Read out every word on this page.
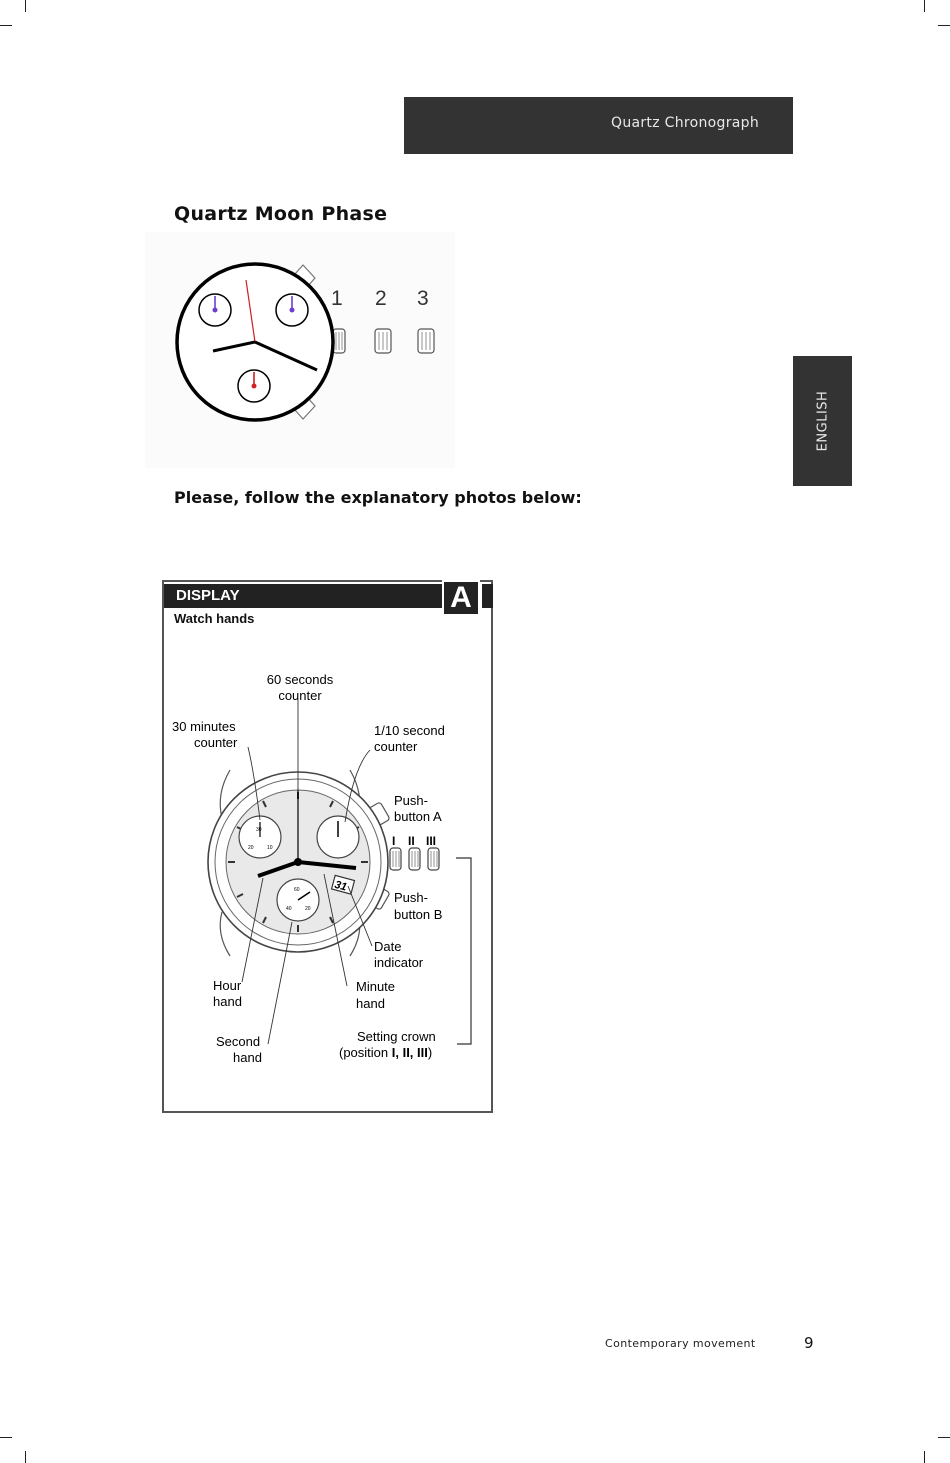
Quartz Chronograph
ENGLISH
Quartz Moon Phase
1 2 3

Please, follow the explanatory photos below:

DISPLAY	A
Watch hands
I II III
30
20	10
60
40	20
31
60 seconds
counter
30 minutes
counter
1/10 second
counter
Push-
button A
Push-
button B
Date
indicator
Hour
hand
Minute
hand
Second
hand
Setting crown
(position I, II, III)
Contemporary movement	9
